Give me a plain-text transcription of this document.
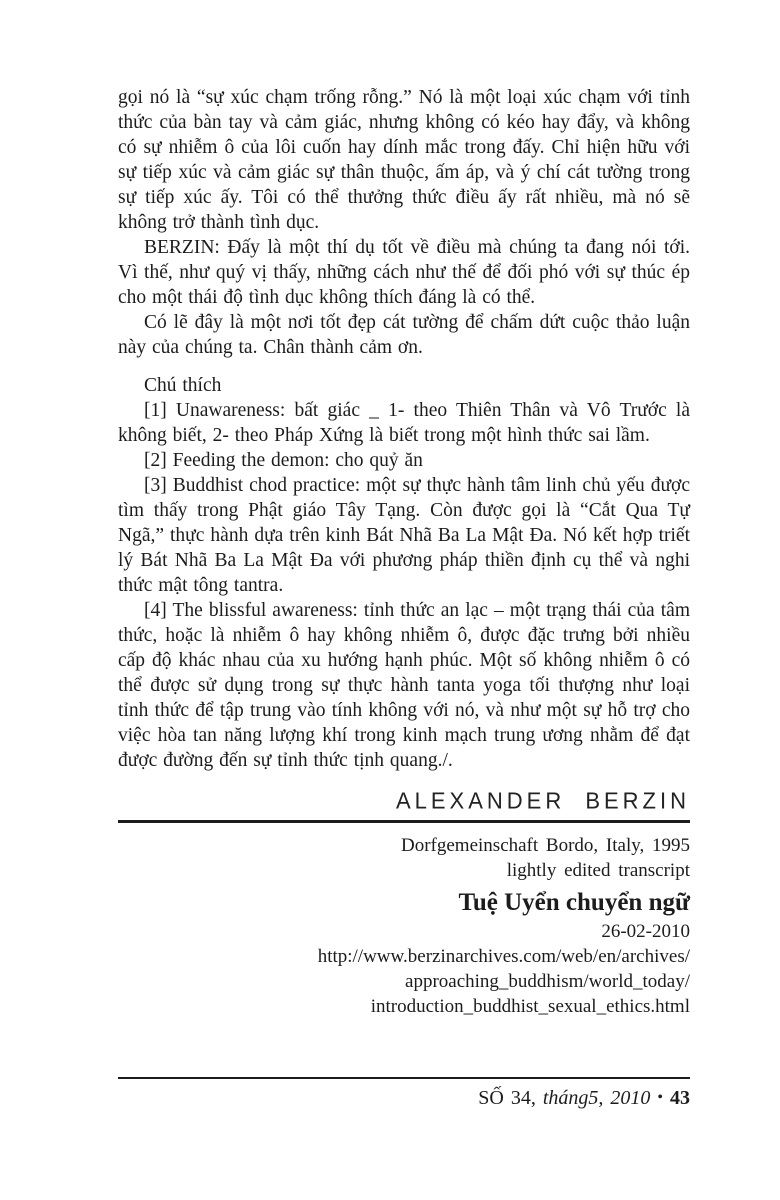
gọi nó là “sự xúc chạm trống rỗng.” Nó là một loại xúc chạm với tỉnh thức của bàn tay và cảm giác, nhưng không có kéo hay đẩy, và không có sự nhiễm ô của lôi cuốn hay dính mắc trong đấy. Chỉ hiện hữu với sự tiếp xúc và cảm giác sự thân thuộc, ấm áp, và ý chí cát tường trong sự tiếp xúc ấy. Tôi có thể thưởng thức điều ấy rất nhiều, mà nó sẽ không trở thành tình dục.

BERZIN: Đấy là một thí dụ tốt về điều mà chúng ta đang nói tới. Vì thế, như quý vị thấy, những cách như thế để đối phó với sự thúc ép cho một thái độ tình dục không thích đáng là có thể.

Có lẽ đây là một nơi tốt đẹp cát tường để chấm dứt cuộc thảo luận này của chúng ta. Chân thành cảm ơn.

Chú thích

[1] Unawareness: bất giác _ 1- theo Thiên Thân và Vô Trước là không biết, 2- theo Pháp Xứng là biết trong một hình thức sai lầm.

[2] Feeding the demon: cho quỷ ăn

[3] Buddhist chod practice: một sự thực hành tâm linh chủ yếu được tìm thấy trong Phật giáo Tây Tạng. Còn được gọi là “Cắt Qua Tự Ngã,” thực hành dựa trên kinh Bát Nhã Ba La Mật Đa. Nó kết hợp triết lý Bát Nhã Ba La Mật Đa với phương pháp thiền định cụ thể và nghi thức mật tông tantra.

[4] The blissful awareness: tỉnh thức an lạc – một trạng thái của tâm thức, hoặc là nhiễm ô hay không nhiễm ô, được đặc trưng bởi nhiều cấp độ khác nhau của xu hướng hạnh phúc. Một số không nhiễm ô có thể được sử dụng trong sự thực hành tanta yoga tối thượng như loại tỉnh thức để tập trung vào tính không với nó, và như một sự hỗ trợ cho việc hòa tan năng lượng khí trong kinh mạch trung ương nhằm để đạt được đường đến sự tỉnh thức tịnh quang./.

ALEXANDER BERZIN
Dorfgemeinschaft Bordo, Italy, 1995
lightly edited transcript
Tuệ Uyển chuyển ngữ
26-02-2010
http://www.berzinarchives.com/web/en/archives/
approaching_buddhism/world_today/
introduction_buddhist_sexual_ethics.html
SỐ 34, tháng5, 2010 • 43
